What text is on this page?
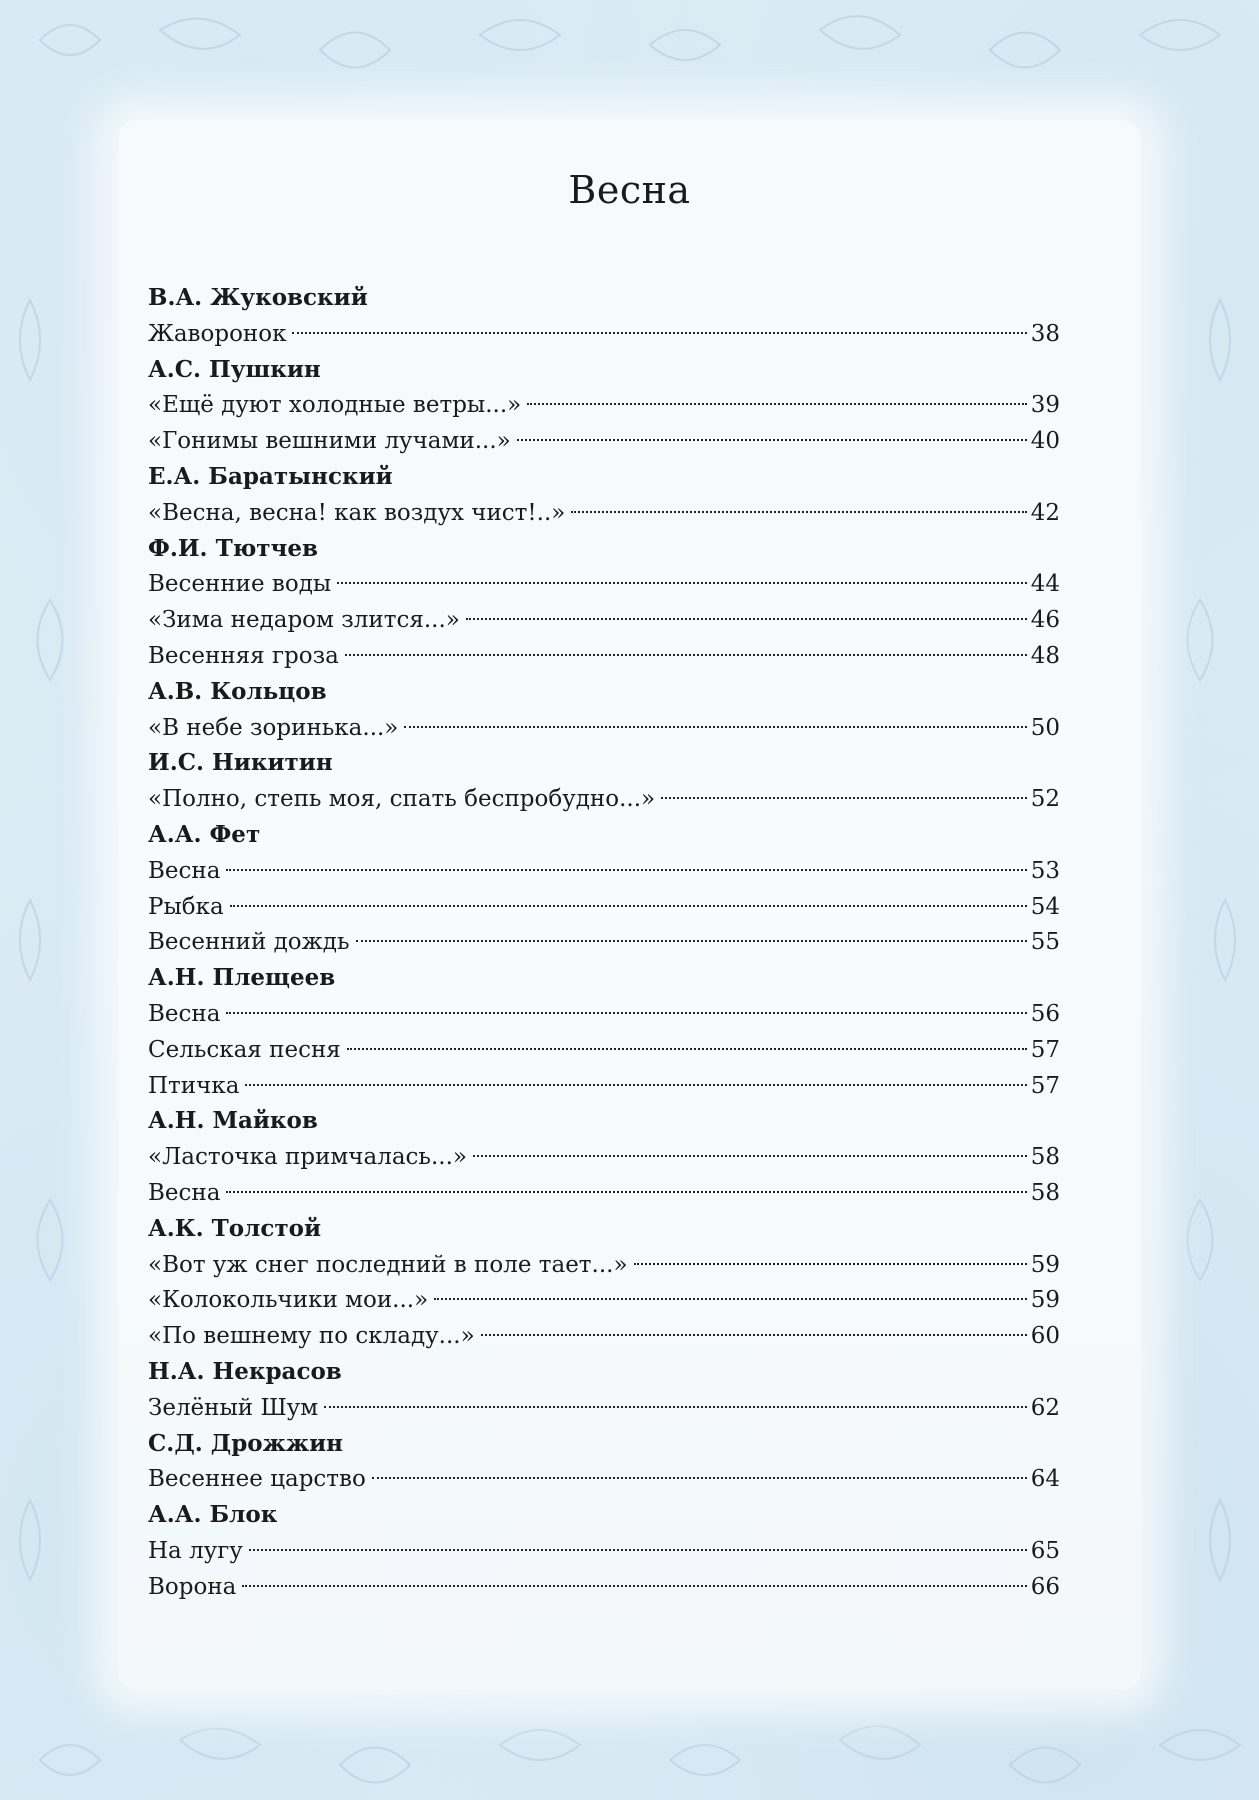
Весна
В.А. Жуковский
Жаворонок	38
А.С. Пушкин
«Ещё дуют холодные ветры...»	39
«Гонимы вешними лучами...»	40
Е.А. Баратынский
«Весна, весна! как воздух чист!..»	42
Ф.И. Тютчев
Весенние воды	44
«Зима недаром злится...»	46
Весенняя гроза	48
А.В. Кольцов
«В небе зоринька...»	50
И.С. Никитин
«Полно, степь моя, спать беспробудно...»	52
А.А. Фет
Весна	53
Рыбка	54
Весенний дождь	55
А.Н. Плещеев
Весна	56
Сельская песня	57
Птичка	57
А.Н. Майков
«Ласточка примчалась...»	58
Весна	58
А.К. Толстой
«Вот уж снег последний в поле тает...»	59
«Колокольчики мои...»	59
«По вешнему по складу...»	60
Н.А. Некрасов
Зелёный Шум	62
С.Д. Дрожжин
Весеннее царство	64
А.А. Блок
На лугу	65
Ворона	66
